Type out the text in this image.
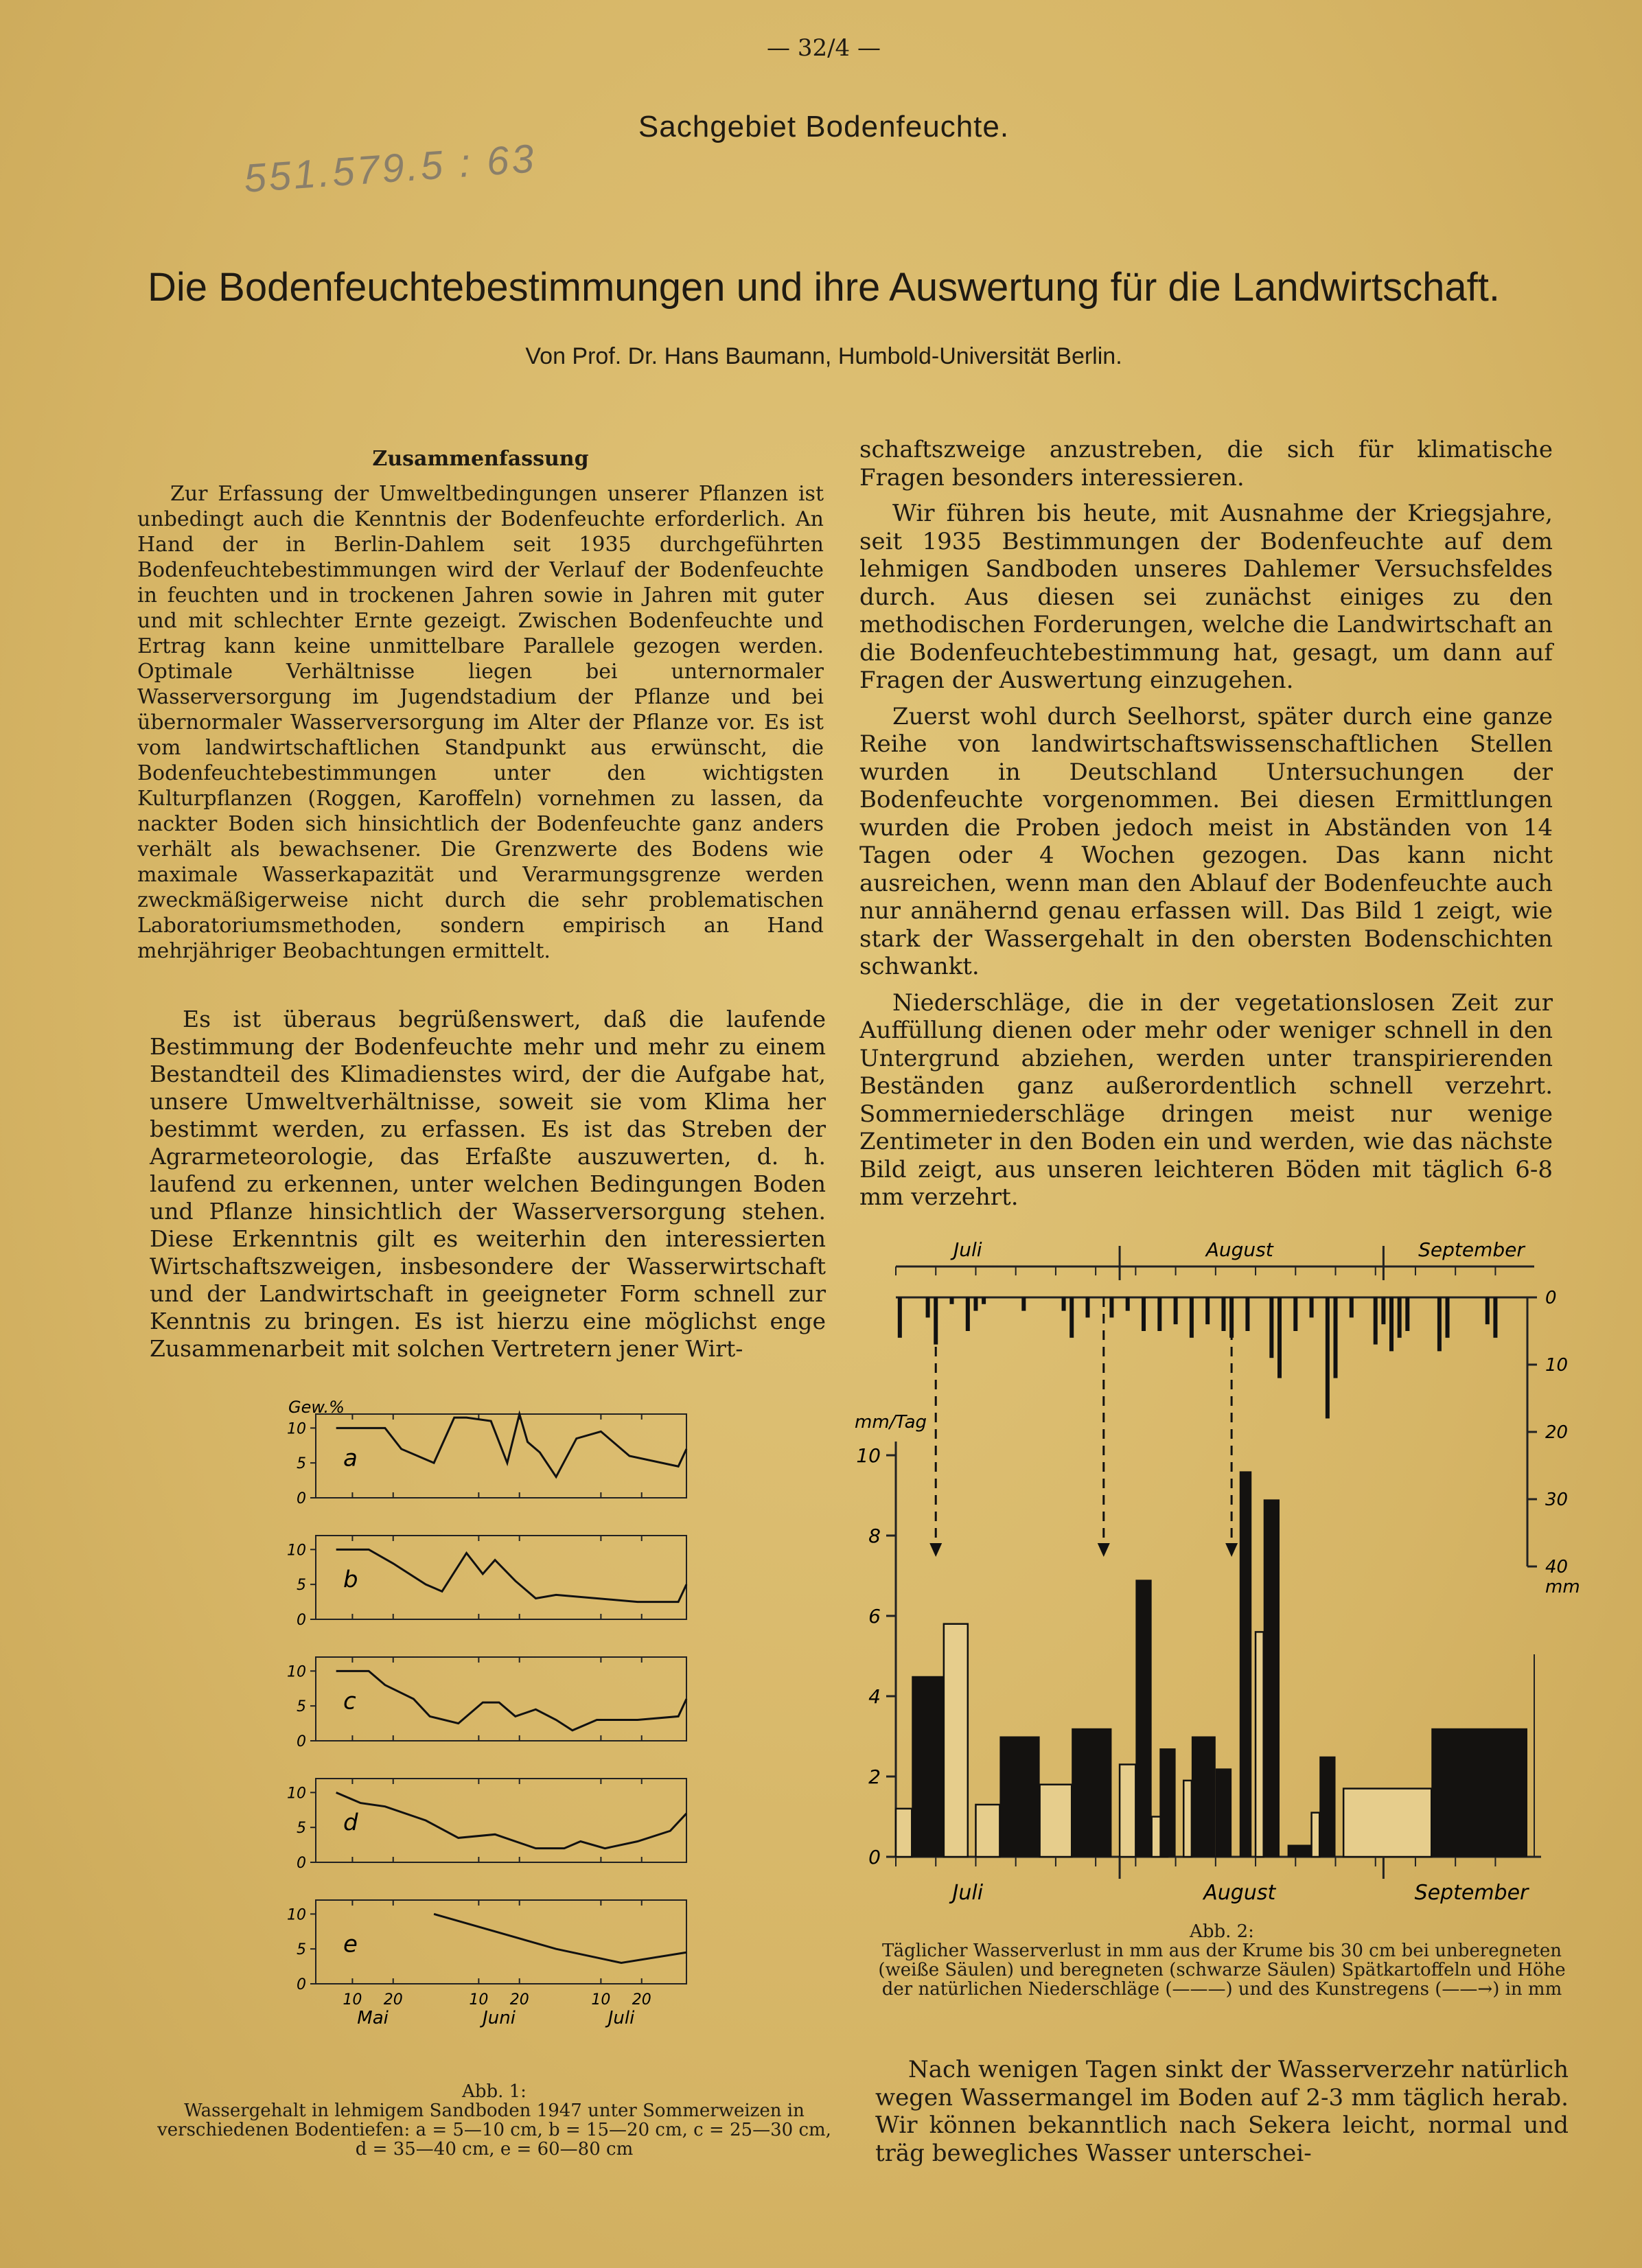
— 32/4 —
Sachgebiet Bodenfeuchte.
551.579.5 : 63
Die Bodenfeuchtebestimmungen und ihre Auswertung für die Landwirtschaft.
Von Prof. Dr. Hans Baumann, Humbold-Universität Berlin.
Zusammenfassung

Zur Erfassung der Umweltbedingungen unserer Pflanzen ist unbedingt auch die Kenntnis der Bodenfeuchte erforderlich. An Hand der in Berlin-Dahlem seit 1935 durchgeführten Bodenfeuchtebestimmungen wird der Verlauf der Bodenfeuchte in feuchten und in trockenen Jahren sowie in Jahren mit guter und mit schlechter Ernte gezeigt. Zwischen Bodenfeuchte und Ertrag kann keine unmittelbare Parallele gezogen werden. Optimale Verhältnisse liegen bei unternormaler Wasserversorgung im Jugendstadium der Pflanze und bei übernormaler Wasserversorgung im Alter der Pflanze vor. Es ist vom landwirtschaftlichen Standpunkt aus erwünscht, die Bodenfeuchtebestimmungen unter den wichtigsten Kulturpflanzen (Roggen, Karoffeln) vornehmen zu lassen, da nackter Boden sich hinsichtlich der Bodenfeuchte ganz anders verhält als bewachsener. Die Grenzwerte des Bodens wie maximale Wasserkapazität und Verarmungsgrenze werden zweckmäßigerweise nicht durch die sehr problematischen Laboratoriumsmethoden, sondern empirisch an Hand mehrjähriger Beobachtungen ermittelt.

Es ist überaus begrüßenswert, daß die laufende Bestimmung der Bodenfeuchte mehr und mehr zu einem Bestandteil des Klimadienstes wird, der die Aufgabe hat, unsere Umweltverhältnisse, soweit sie vom Klima her bestimmt werden, zu erfassen. Es ist das Streben der Agrarmeteorologie, das Erfaßte auszuwerten, d. h. laufend zu erkennen, unter welchen Bedingungen Boden und Pflanze hinsichtlich der Wasserversorgung stehen. Diese Erkenntnis gilt es weiterhin den interessierten Wirtschaftszweigen, insbesondere der Wasserwirtschaft und der Landwirtschaft in geeigneter Form schnell zur Kenntnis zu bringen. Es ist hierzu eine möglichst enge Zusammenarbeit mit solchen Vertretern jener Wirt-

schaftszweige anzustreben, die sich für klimatische Fragen besonders interessieren.

Wir führen bis heute, mit Ausnahme der Kriegsjahre, seit 1935 Bestimmungen der Bodenfeuchte auf dem lehmigen Sandboden unseres Dahlemer Versuchsfeldes durch. Aus diesen sei zunächst einiges zu den methodischen Forderungen, welche die Landwirtschaft an die Bodenfeuchtebestimmung hat, gesagt, um dann auf Fragen der Auswertung einzugehen.

Zuerst wohl durch Seelhorst, später durch eine ganze Reihe von landwirtschaftswissenschaftlichen Stellen wurden in Deutschland Untersuchungen der Bodenfeuchte vorgenommen. Bei diesen Ermittlungen wurden die Proben jedoch meist in Abständen von 14 Tagen oder 4 Wochen gezogen. Das kann nicht ausreichen, wenn man den Ablauf der Bodenfeuchte auch nur annähernd genau erfassen will. Das Bild 1 zeigt, wie stark der Wassergehalt in den obersten Bodenschichten schwankt.

Niederschläge, die in der vegetationslosen Zeit zur Auffüllung dienen oder mehr oder weniger schnell in den Untergrund abziehen, werden unter transpirierenden Beständen ganz außerordentlich schnell verzehrt. Sommerniederschläge dringen meist nur wenige Zentimeter in den Boden ein und werden, wie das nächste Bild zeigt, aus unseren leichteren Böden mit täglich 6-8 mm verzehrt.

Nach wenigen Tagen sinkt der Wasserverzehr natürlich wegen Wassermangel im Boden auf 2-3 mm täglich herab. Wir können bekanntlich nach Sekera leicht, normal und träg bewegliches Wasser unterschei-

Gew.%
0
5
10
a
0
5
10
b
0
5
10
c
0
5
10
d
0
5
10
e
10 20	10 20	10 20
Mai	Juni	Juli
Abb. 1:
Wassergehalt in lehmigem Sandboden 1947 unter Sommerweizen in verschiedenen Bodentiefen: a = 5—10 cm, b = 15—20 cm, c = 25—30 cm, d = 35—40 cm, e = 60—80 cm
Juli	August	September
0
10
20
30
40
mm
0
2
4
6
8
10
mm/Tag
Juli	August	September
Abb. 2:
Täglicher Wasserverlust in mm aus der Krume bis 30 cm bei unberegneten (weiße Säulen) und beregneten (schwarze Säulen) Spätkartoffeln und Höhe der natürlichen Niederschläge (———) und des Kunstregens (——→) in mm
